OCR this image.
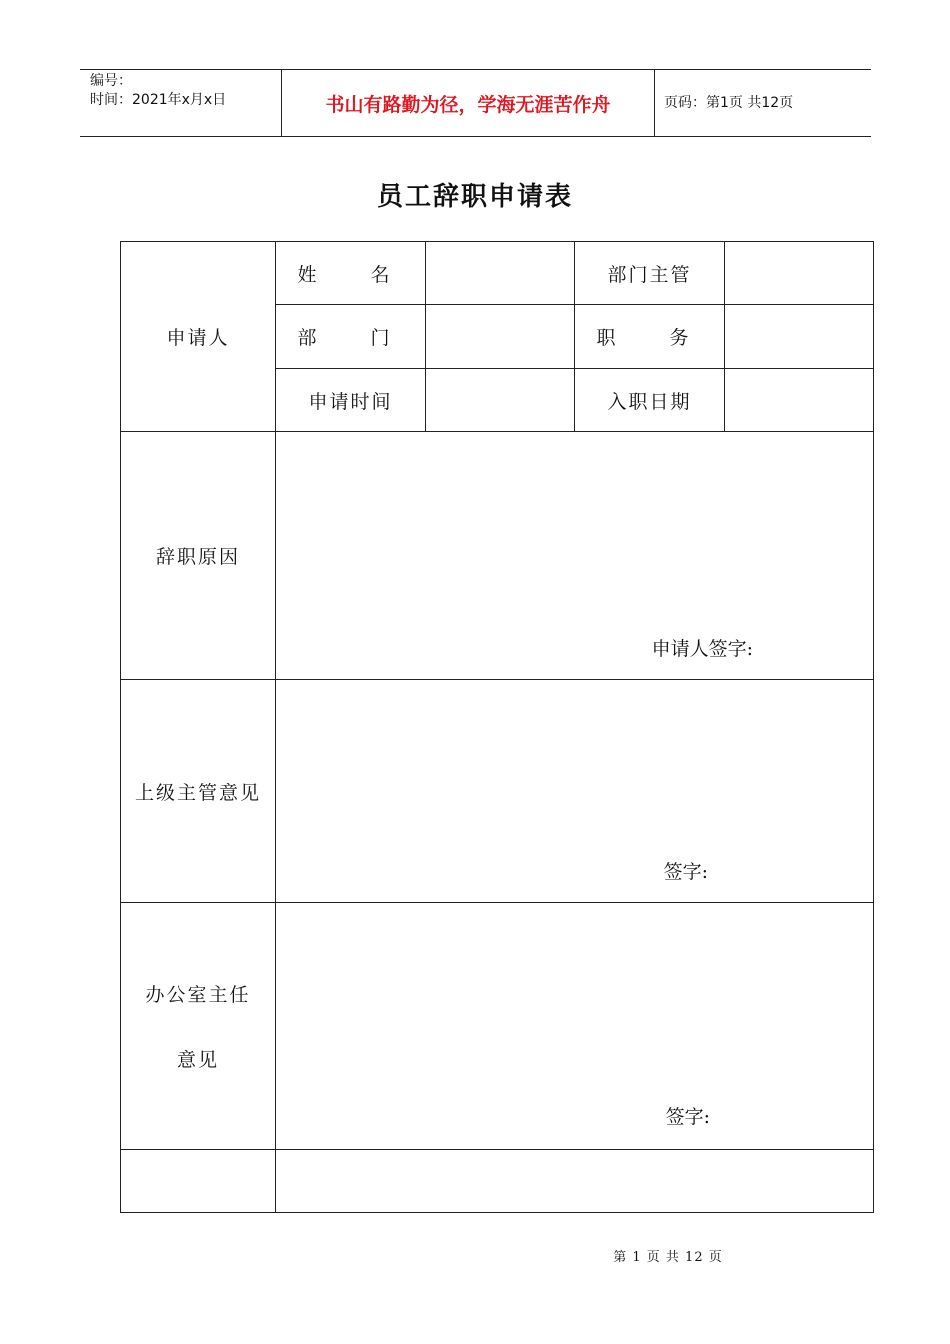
编号：
时间：2021年x月x日	书山有路勤为径，学海无涯苦作舟	页码：第1页 共12页
员工辞职申请表
申请人	姓  名		部门主管	
	部  门		职  务	
	申请时间		入职日期	
辞职原因	申请人签字:			

上级主管意见	签字:			

办公室主任
意见	签字:			

第 1 页 共 12 页
